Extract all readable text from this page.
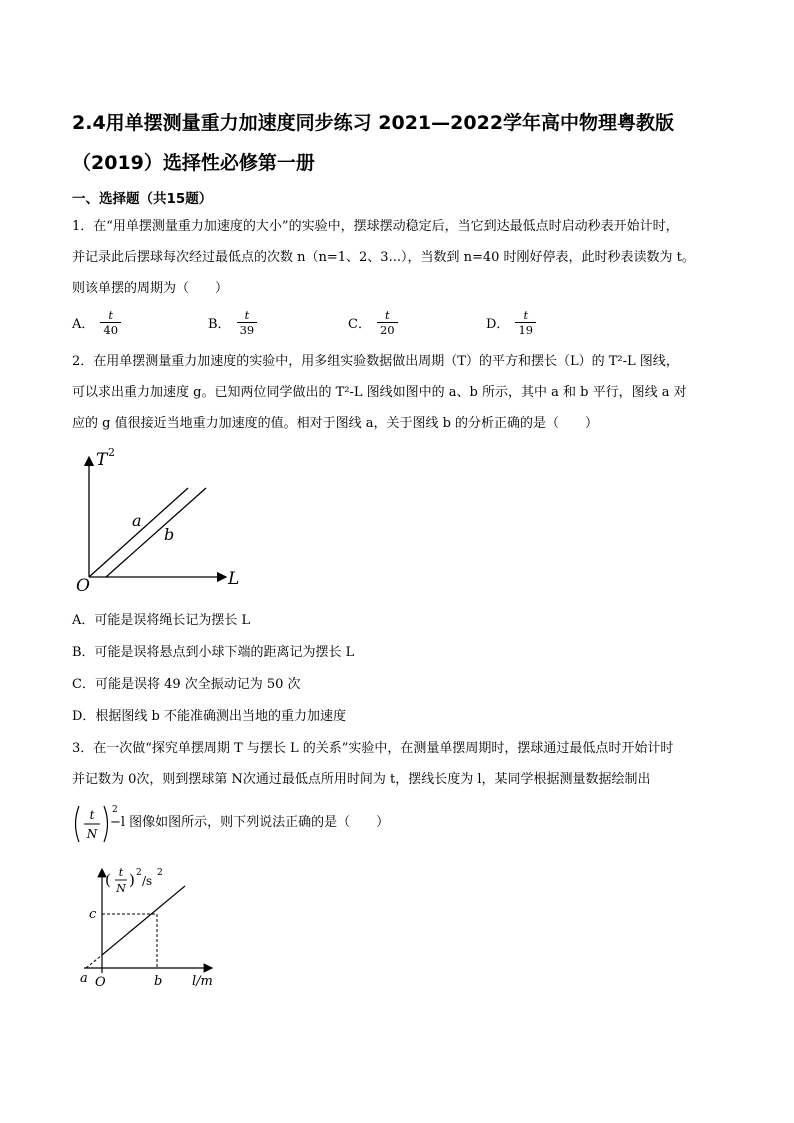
2.4用单摆测量重力加速度同步练习 2021—2022学年高中物理粤教版
（2019）选择性必修第一册
一、选择题（共15题）
1．在“用单摆测量重力加速度的大小”的实验中，摆球摆动稳定后，当它到达最低点时启动秒表开始计时，
并记录此后摆球每次经过最低点的次数 n（n=1、2、3...），当数到 n=40 时刚好停表，此时秒表读数为 t。
则该单摆的周期为（　　）
A． $\frac{t}{40}$	B． $\frac{t}{39}$	C． $\frac{t}{20}$	D． $\frac{t}{19}$
2．在用单摆测量重力加速度的实验中，用多组实验数据做出周期（T）的平方和摆长（L）的 T²-L 图线，
可以求出重力加速度 g。已知两位同学做出的 T²-L 图线如图中的 a、b 所示，其中 a 和 b 平行，图线 a 对
应的 g 值很接近当地重力加速度的值。相对于图线 a，关于图线 b 的分析正确的是（　　）
T 2
L
O
a
b
A．可能是误将绳长记为摆长 L
B．可能是误将悬点到小球下端的距离记为摆长 L
C．可能是误将 49 次全振动记为 50 次
D．根据图线 b 不能准确测出当地的重力加速度
3．在一次做“探究单摆周期 T 与摆长 L 的关系”实验中，在测量单摆周期时，摆球通过最低点时开始计时
并记数为 0次，则到摆球第 N次通过最低点所用时间为 t，摆线长度为 l，某同学根据测量数据绘制出
t
N
2
−l 图像如图所示，则下列说法正确的是（　　）
( t
N ) 2
/s
2
c
a O	b l/m
